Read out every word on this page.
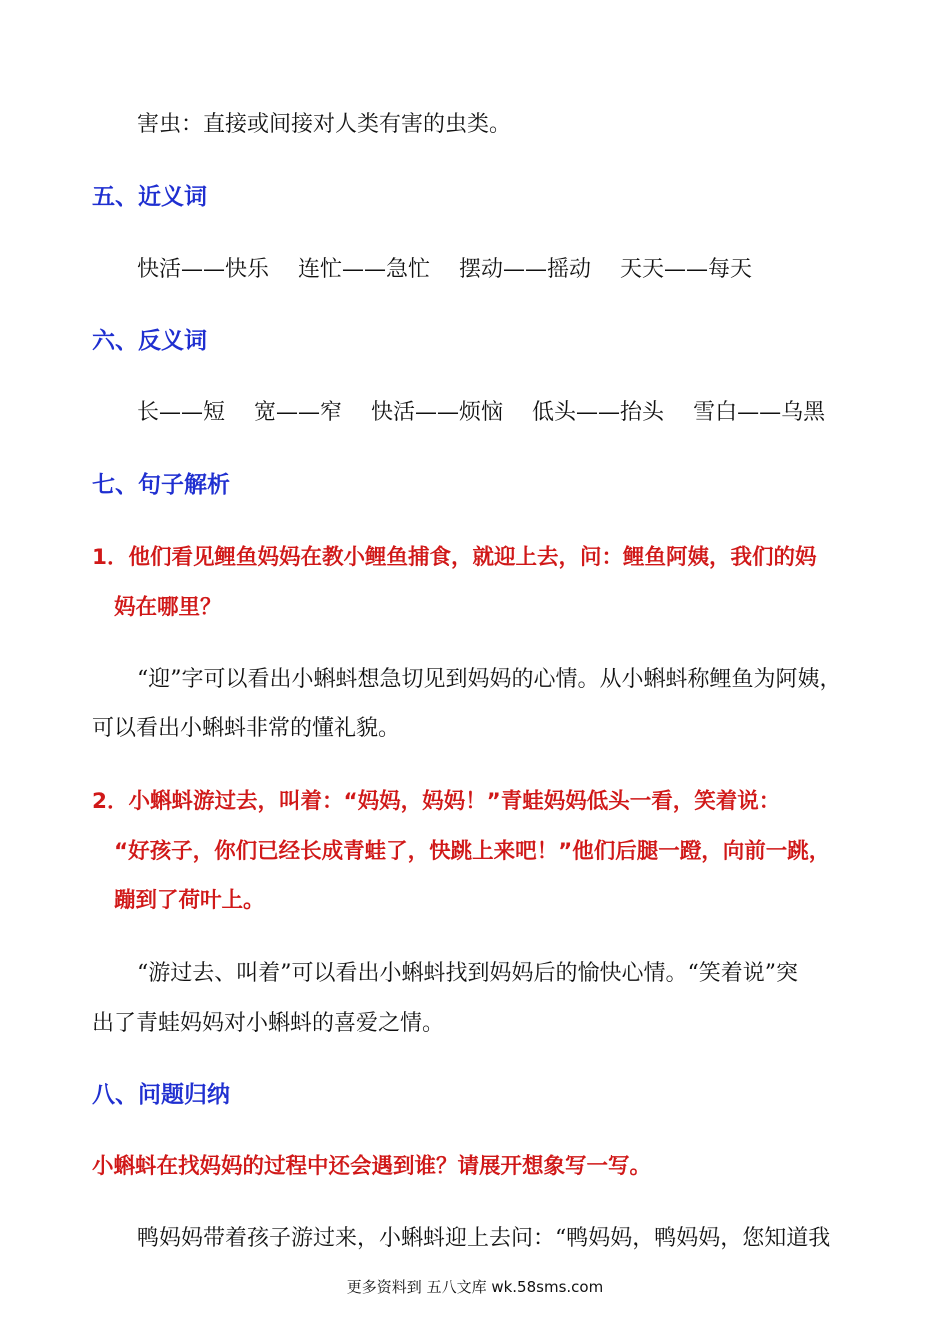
害虫：直接或间接对人类有害的虫类。
五、近义词
快活——快乐 连忙——急忙 摆动——摇动 天天——每天
六、反义词
长——短 宽——窄 快活——烦恼 低头——抬头 雪白——乌黑
七、句子解析
1．他们看见鲤鱼妈妈在教小鲤鱼捕食，就迎上去，问：鲤鱼阿姨，我们的妈
妈在哪里？
“迎”字可以看出小蝌蚪想急切见到妈妈的心情。从小蝌蚪称鲤鱼为阿姨，
可以看出小蝌蚪非常的懂礼貌。
2．小蝌蚪游过去，叫着：“妈妈，妈妈！”青蛙妈妈低头一看，笑着说：
“好孩子，你们已经长成青蛙了，快跳上来吧！”他们后腿一蹬，向前一跳，
蹦到了荷叶上。
“游过去、叫着”可以看出小蝌蚪找到妈妈后的愉快心情。“笑着说”突
出了青蛙妈妈对小蝌蚪的喜爱之情。
八、问题归纳
小蝌蚪在找妈妈的过程中还会遇到谁？请展开想象写一写。
鸭妈妈带着孩子游过来，小蝌蚪迎上去问：“鸭妈妈，鸭妈妈，您知道我
更多资料到 五八文库 wk.58sms.com
